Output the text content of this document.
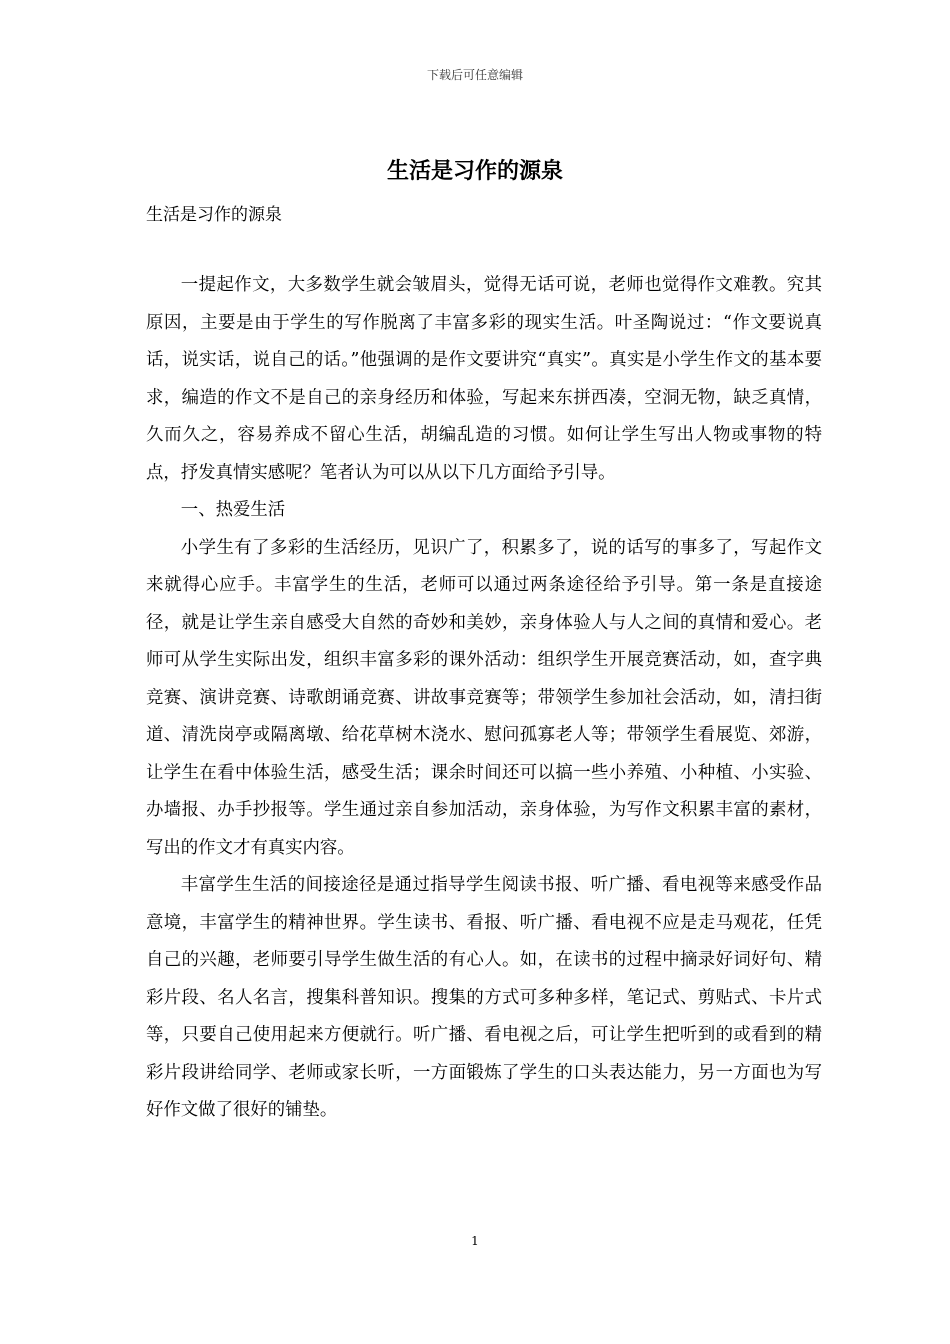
下载后可任意编辑
生活是习作的源泉

生活是习作的源泉

一提起作文，大多数学生就会皱眉头，觉得无话可说，老师也觉得作文难教。究其原因，主要是由于学生的写作脱离了丰富多彩的现实生活。叶圣陶说过：“作文要说真话，说实话，说自己的话。”他强调的是作文要讲究“真实”。真实是小学生作文的基本要求，编造的作文不是自己的亲身经历和体验，写起来东拼西凑，空洞无物，缺乏真情，久而久之，容易养成不留心生活，胡编乱造的习惯。如何让学生写出人物或事物的特点，抒发真情实感呢？笔者认为可以从以下几方面给予引导。

一、热爱生活

小学生有了多彩的生活经历，见识广了，积累多了，说的话写的事多了，写起作文来就得心应手。丰富学生的生活，老师可以通过两条途径给予引导。第一条是直接途径，就是让学生亲自感受大自然的奇妙和美妙，亲身体验人与人之间的真情和爱心。老师可从学生实际出发，组织丰富多彩的课外活动：组织学生开展竞赛活动，如，查字典竞赛、演讲竞赛、诗歌朗诵竞赛、讲故事竞赛等；带领学生参加社会活动，如，清扫街道、清洗岗亭或隔离墩、给花草树木浇水、慰问孤寡老人等；带领学生看展览、郊游，让学生在看中体验生活，感受生活；课余时间还可以搞一些小养殖、小种植、小实验、办墙报、办手抄报等。学生通过亲自参加活动，亲身体验，为写作文积累丰富的素材，写出的作文才有真实内容。

丰富学生生活的间接途径是通过指导学生阅读书报、听广播、看电视等来感受作品意境，丰富学生的精神世界。学生读书、看报、听广播、看电视不应是走马观花，任凭自己的兴趣，老师要引导学生做生活的有心人。如，在读书的过程中摘录好词好句、精彩片段、名人名言，搜集科普知识。搜集的方式可多种多样，笔记式、剪贴式、卡片式等，只要自己使用起来方便就行。听广播、看电视之后，可让学生把听到的或看到的精彩片段讲给同学、老师或家长听，一方面锻炼了学生的口头表达能力，另一方面也为写好作文做了很好的铺垫。

1
